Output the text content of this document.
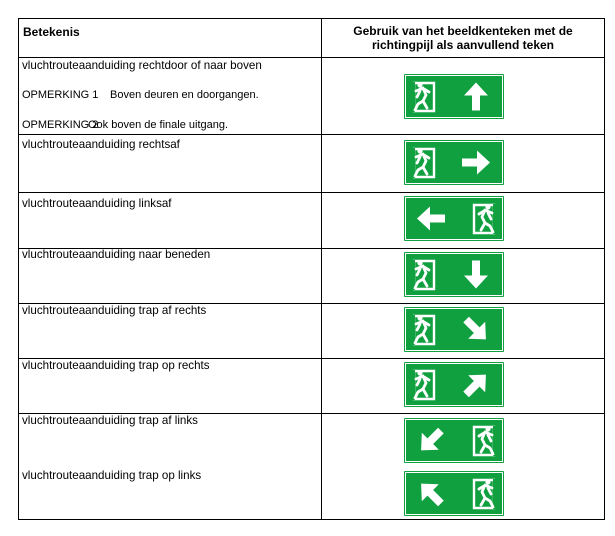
Betekenis	Gebruik van het beeldkenteken met de
richtingpijl als aanvullend teken
vluchtrouteaanduiding rechtdoor of naar boven
OPMERKING 1 Boven deuren en doorgangen.
OPMERKING 2Ook boven de finale uitgang.
vluchtrouteaanduiding rechtsaf
vluchtrouteaanduiding linksaf
vluchtrouteaanduiding naar beneden
vluchtrouteaanduiding trap af rechts
vluchtrouteaanduiding trap op rechts
vluchtrouteaanduiding trap af links
vluchtrouteaanduiding trap op links
